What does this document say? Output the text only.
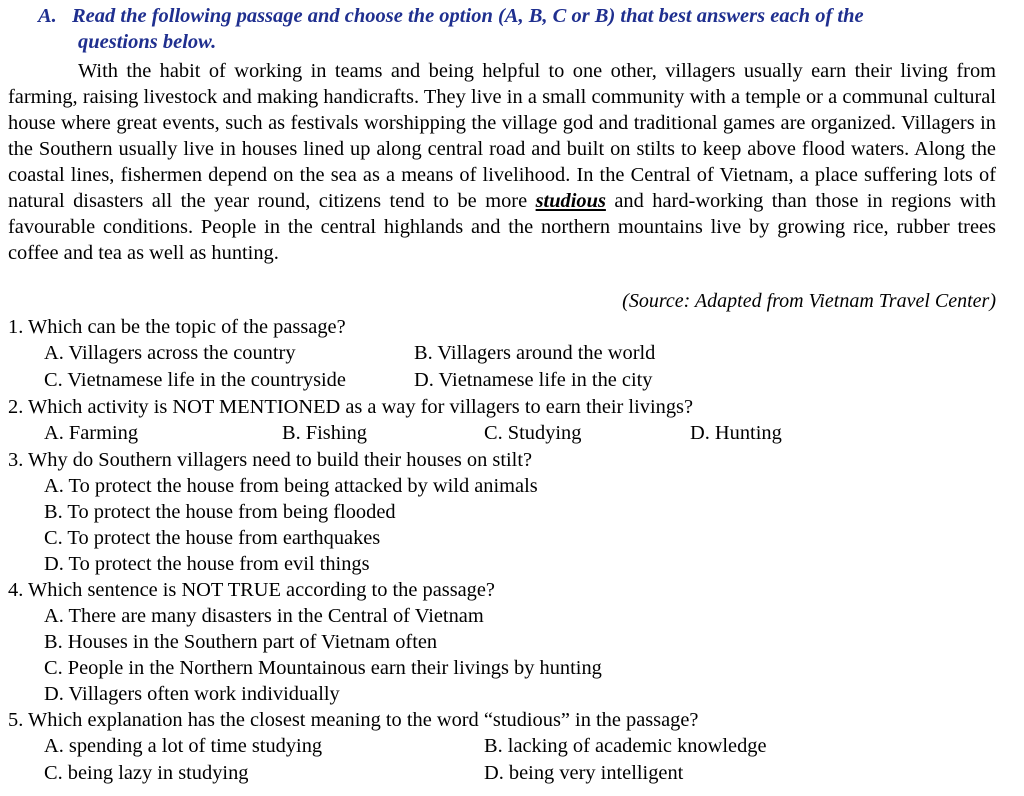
A. Read the following passage and choose the option (A, B, C or B) that best answers each of the
questions below.

With the habit of working in teams and being helpful to one other, villagers usually earn their living from farming, raising livestock and making handicrafts. They live in a small community with a temple or a communal cultural house where great events, such as festivals worshipping the village god and traditional games are organized. Villagers in the Southern usually live in houses lined up along central road and built on stilts to keep above flood waters. Along the coastal lines, fishermen depend on the sea as a means of livelihood. In the Central of Vietnam, a place suffering lots of natural disasters all the year round, citizens tend to be more studious and hard-working than those in regions with favourable conditions. People in the central highlands and the northern mountains live by growing rice, rubber trees coffee and tea as well as hunting.

(Source: Adapted from Vietnam Travel Center)
1. Which can be the topic of the passage?
A. Villagers across the country	B. Villagers around the world
C. Vietnamese life in the countryside	D. Vietnamese life in the city
2. Which activity is NOT MENTIONED as a way for villagers to earn their livings?
A. Farming	B. Fishing	C. Studying	D. Hunting
3. Why do Southern villagers need to build their houses on stilt?
A. To protect the house from being attacked by wild animals
B. To protect the house from being flooded
C. To protect the house from earthquakes
D. To protect the house from evil things
4. Which sentence is NOT TRUE according to the passage?
A. There are many disasters in the Central of Vietnam
B. Houses in the Southern part of Vietnam often
C. People in the Northern Mountainous earn their livings by hunting
D. Villagers often work individually
5. Which explanation has the closest meaning to the word “studious” in the passage?
A. spending a lot of time studying	B. lacking of academic knowledge
C. being lazy in studying	D. being very intelligent
